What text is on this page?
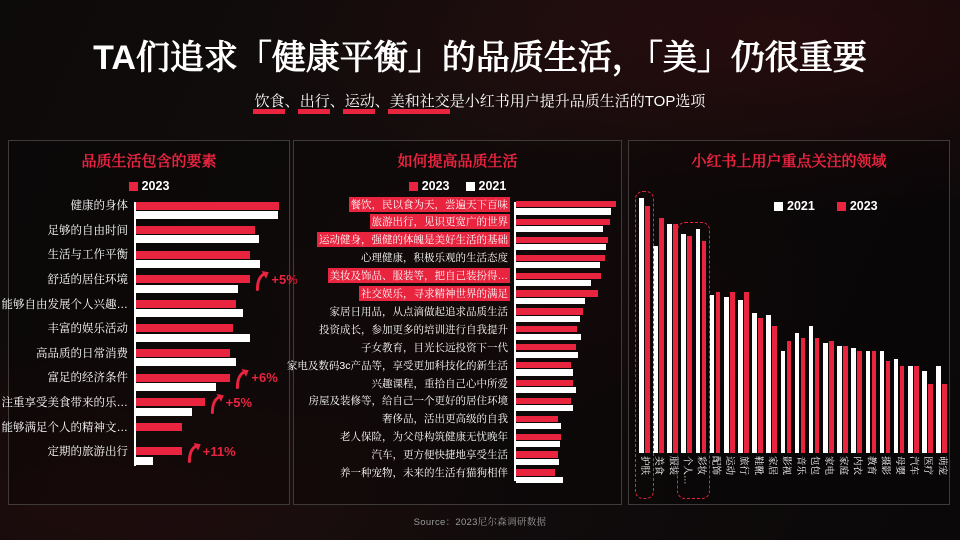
TA们追求「健康平衡」的品质生活，「美」仍很重要
饮食、出行、运动、美和社交是小红书用户提升品质生活的TOP选项
品质生活包含的要素
2023
健康的身体
足够的自由时间
生活与工作平衡
舒适的居住环境	+5%
能够自由发展个人兴趣…
丰富的娱乐活动
高品质的日常消费
富足的经济条件	+6%
注重享受美食带来的乐…	+5%
能够满足个人的精神文…
定期的旅游出行	+11%
如何提高品质生活
2023 2021
餐饮，民以食为天，尝遍天下百味
旅游出行，见识更宽广的世界
运动健身，强健的体魄是美好生活的基础
心理健康，积极乐观的生活态度
美妆及饰品、服装等，把自己装扮得…
社交娱乐，寻求精神世界的满足
家居日用品，从点滴做起追求品质生活
投资成长，参加更多的培训进行自我提升
子女教育，目光长远投资下一代
家电及数码3c产品等，享受更加科技化的新生活
兴趣课程，重拾自己心中所爱
房屋及装修等，给自己一个更好的居住环境
奢侈品，活出更高级的自我
老人保险，为父母构筑健康无忧晚年
汽车，更方便快捷地享受生活
养一种宠物，未来的生活有猫狗相伴
小红书上用户重点关注的领域
2021	2023
护肤 美食 服装 个人… 彩妆 配饰 运动 旅行 鞋靴 家居 影视 音乐 包包 家电 家庭 内衣 教育 摄影 母婴 汽车 医疗 萌宠
Source：2023尼尔森调研数据
